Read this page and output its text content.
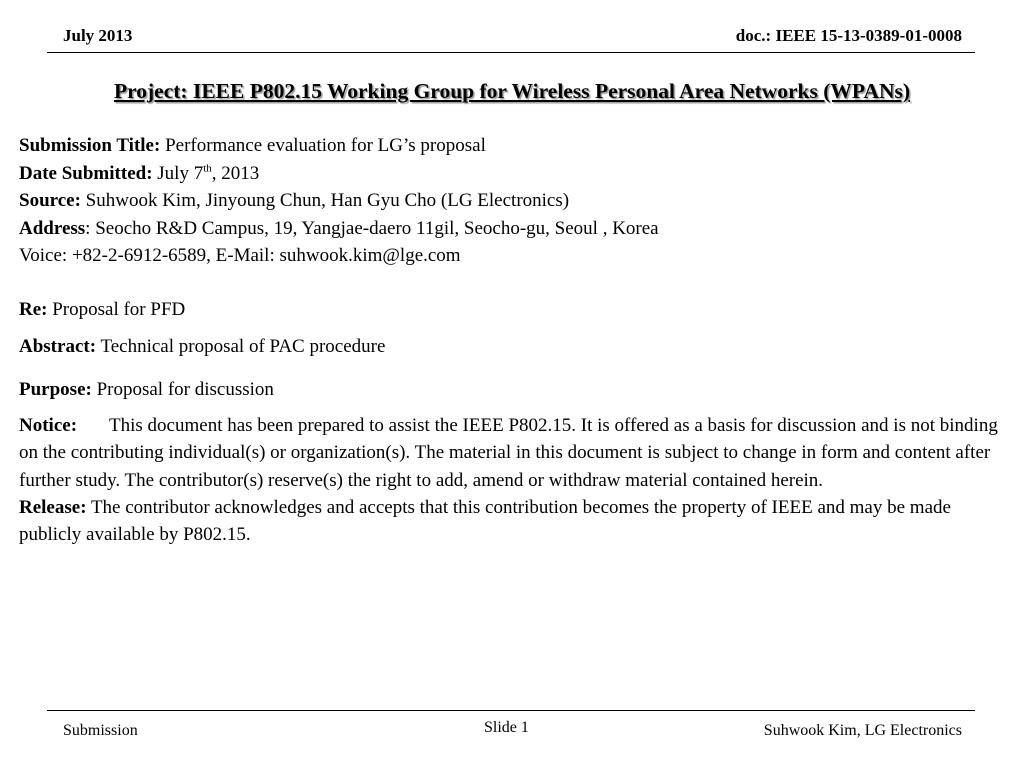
July 2013	doc.: IEEE 15-13-0389-01-0008
Project: IEEE P802.15 Working Group for Wireless Personal Area Networks (WPANs)
Submission Title: Performance evaluation for LG’s proposal
Date Submitted: July 7th, 2013
Source: Suhwook Kim, Jinyoung Chun, Han Gyu Cho (LG Electronics)
Address: Seocho R&D Campus, 19, Yangjae-daero 11gil, Seocho-gu, Seoul , Korea
Voice: +82-2-6912-6589, E-Mail: suhwook.kim@lge.com
Re: Proposal for PFD
Abstract: Technical proposal of PAC procedure
Purpose: Proposal for discussion
Notice: This document has been prepared to assist the IEEE P802.15. It is offered as a basis for discussion and is not binding on the contributing individual(s) or organization(s). The material in this document is subject to change in form and content after further study. The contributor(s) reserve(s) the right to add, amend or withdraw material contained herein.
Release: The contributor acknowledges and accepts that this contribution becomes the property of IEEE and may be made publicly available by P802.15.
Submission	Slide 1	Suhwook Kim, LG Electronics
